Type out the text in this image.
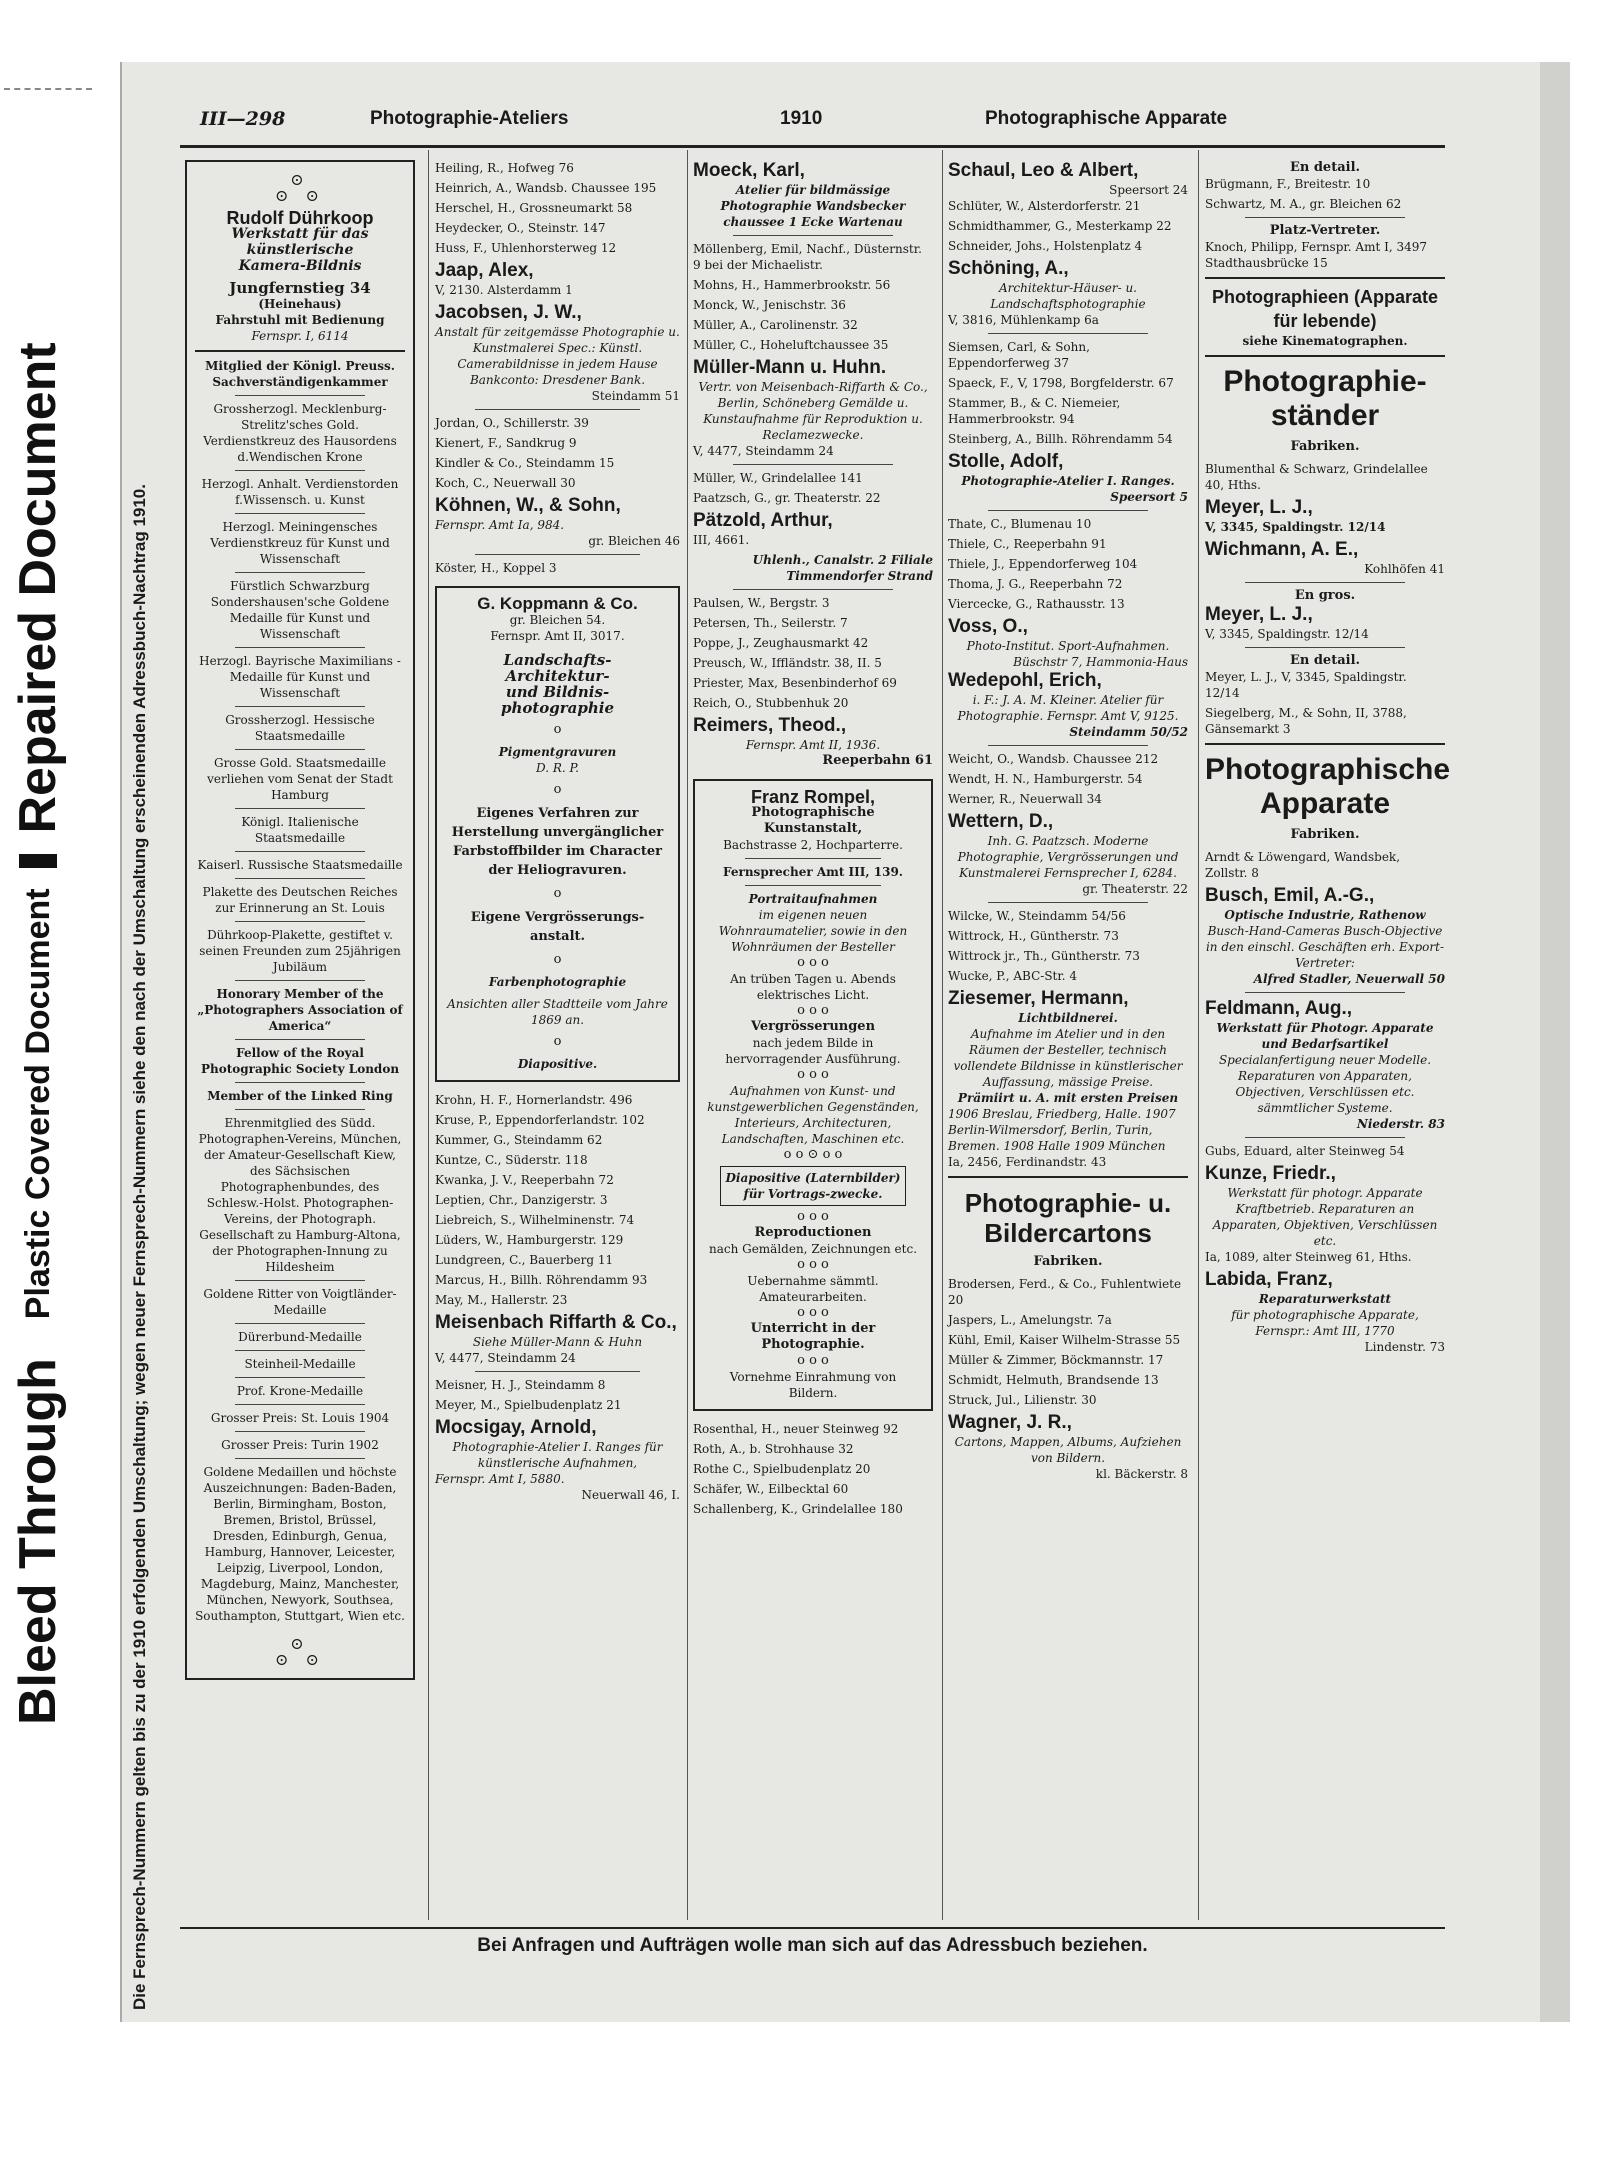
Bleed Through  Plastic Covered Document  Repaired Document
III—298	Photographie-Ateliers	1910	Photographische Apparate
Die Fernsprech-Nummern gelten bis zu der 1910 erfolgenden Umschaltung; wegen neuer Fernsprech-Nummern siehe den nach der Umschaltung erscheinenden Adressbuch-Nachtrag 1910.
⊙
⊙ ⊙
Rudolf Dührkoop
Werkstatt für das
künstlerische
Kamera-Bildnis
Jungfernstieg 34
(Heinehaus)
Fahrstuhl mit Bedienung
Fernspr. I, 6114
Mitglied der Königl. Preuss. Sachverständigenkammer
Grossherzogl. Mecklenburg-Strelitz'sches Gold. Verdienstkreuz des Hausordens d.Wendischen Krone
Herzogl. Anhalt. Verdienstorden f.Wissensch. u. Kunst
Herzogl. Meiningensches Verdienstkreuz für Kunst und Wissenschaft
Fürstlich Schwarzburg Sondershausen'sche Goldene Medaille für Kunst und Wissenschaft
Herzogl. Bayrische Maximilians - Medaille für Kunst und Wissenschaft
Grossherzogl. Hessische Staatsmedaille
Grosse Gold. Staatsmedaille verliehen vom Senat der Stadt Hamburg
Königl. Italienische Staatsmedaille
Kaiserl. Russische Staatsmedaille
Plakette des Deutschen Reiches zur Erinnerung an St. Louis
Dührkoop-Plakette, gestiftet v. seinen Freunden zum 25jährigen Jubiläum
Honorary Member of the „Photographers Association of America“
Fellow of the Royal Photographic Society London
Member of the Linked Ring
Ehrenmitglied des Südd. Photographen-Vereins, München, der Amateur-Gesellschaft Kiew, des Sächsischen Photographenbundes, des Schlesw.-Holst. Photographen-Vereins, der Photograph. Gesellschaft zu Hamburg-Altona, der Photographen-Innung zu Hildesheim
Goldene Ritter von Voigtländer-Medaille
Dürerbund-Medaille
Steinheil-Medaille
Prof. Krone-Medaille
Grosser Preis: St. Louis 1904
Grosser Preis: Turin 1902
Goldene Medaillen und höchste Auszeichnungen: Baden-Baden, Berlin, Birmingham, Boston, Bremen, Bristol, Brüssel, Dresden, Edinburgh, Genua, Hamburg, Hannover, Leicester, Leipzig, Liverpool, London, Magdeburg, Mainz, Manchester, München, Newyork, Southsea, Southampton, Stuttgart, Wien etc.
⊙
⊙ ⊙
Heiling, R., Hofweg 76
Heinrich, A., Wandsb. Chaussee 195
Herschel, H., Grossneumarkt 58
Heydecker, O., Steinstr. 147
Huss, F., Uhlenhorsterweg 12
Jaap, Alex,
V, 2130. Alsterdamm 1
Jacobsen, J. W.,
Anstalt für zeitgemässe Photographie u. Kunstmalerei Spec.: Künstl. Camerabildnisse in jedem Hause Bankconto: Dresdener Bank.
Steindamm 51
Jordan, O., Schillerstr. 39
Kienert, F., Sandkrug 9
Kindler & Co., Steindamm 15
Koch, C., Neuerwall 30
Köhnen, W., & Sohn,
Fernspr. Amt Ia, 984.
gr. Bleichen 46
Köster, H., Koppel 3
G. Koppmann & Co.
gr. Bleichen 54.
Fernspr. Amt II, 3017.
Landschafts-
Architektur-
und Bildnis-
photographie
o
Pigmentgravuren
D. R. P.
o
Eigenes Verfahren zur Herstellung unvergänglicher Farbstoffbilder im Character der Heliogravuren.
o
Eigene Vergrösserungs-anstalt.
o
Farbenphotographie
Ansichten aller Stadtteile vom Jahre 1869 an.
o
Diapositive.
Krohn, H. F., Hornerlandstr. 496
Kruse, P., Eppendorferlandstr. 102
Kummer, G., Steindamm 62
Kuntze, C., Süderstr. 118
Kwanka, J. V., Reeperbahn 72
Leptien, Chr., Danzigerstr. 3
Liebreich, S., Wilhelminenstr. 74
Lüders, W., Hamburgerstr. 129
Lundgreen, C., Bauerberg 11
Marcus, H., Billh. Röhrendamm 93
May, M., Hallerstr. 23
Meisenbach Riffarth & Co.,
Siehe Müller-Mann & Huhn
V, 4477, Steindamm 24
Meisner, H. J., Steindamm 8
Meyer, M., Spielbudenplatz 21
Mocsigay, Arnold,
Photographie-Atelier I. Ranges für künstlerische Aufnahmen,
Fernspr. Amt I, 5880.
Neuerwall 46, I.
Moeck, Karl,
Atelier für bildmässige Photographie Wandsbecker chaussee 1 Ecke Wartenau
Möllenberg, Emil, Nachf., Düsternstr. 9 bei der Michaelistr.
Mohns, H., Hammerbrookstr. 56
Monck, W., Jenischstr. 36
Müller, A., Carolinenstr. 32
Müller, C., Hoheluftchaussee 35
Müller-Mann u. Huhn.
Vertr. von Meisenbach-Riffarth & Co., Berlin, Schöneberg Gemälde u. Kunstaufnahme für Reproduktion u. Reclamezwecke.
V, 4477, Steindamm 24
Müller, W., Grindelallee 141
Paatzsch, G., gr. Theaterstr. 22
Pätzold, Arthur,
III, 4661.
Uhlenh., Canalstr. 2 Filiale Timmendorfer Strand
Paulsen, W., Bergstr. 3
Petersen, Th., Seilerstr. 7
Poppe, J., Zeughausmarkt 42
Preusch, W., Iffländstr. 38, II. 5
Priester, Max, Besenbinderhof 69
Reich, O., Stubbenhuk 20
Reimers, Theod.,
Fernspr. Amt II, 1936.
Reeperbahn 61
Franz Rompel,
Photographische Kunstanstalt,
Bachstrasse 2, Hochparterre.
Fernsprecher Amt III, 139.
Portraitaufnahmen
im eigenen neuen Wohnraumatelier, sowie in den Wohnräumen der Besteller
o o o
An trüben Tagen u. Abends elektrisches Licht.
o o o
Vergrösserungen
nach jedem Bilde in hervorragender Ausführung.
o o o
Aufnahmen von Kunst- und kunstgewerblichen Gegenständen, Interieurs, Architecturen, Landschaften, Maschinen etc.
o o ⊙ o o
Diapositive (Laternbilder) für Vortrags-zwecke.
o o o
Reproductionen
nach Gemälden, Zeichnungen etc.
o o o
Uebernahme sämmtl. Amateurarbeiten.
o o o
Unterricht in der Photographie.
o o o
Vornehme Einrahmung von Bildern.
Rosenthal, H., neuer Steinweg 92
Roth, A., b. Strohhause 32
Rothe C., Spielbudenplatz 20
Schäfer, W., Eilbecktal 60
Schallenberg, K., Grindelallee 180
Schaul, Leo & Albert,
Speersort 24
Schlüter, W., Alsterdorferstr. 21
Schmidthammer, G., Mesterkamp 22
Schneider, Johs., Holstenplatz 4
Schöning, A.,
Architektur-Häuser- u. Landschaftsphotographie
V, 3816, Mühlenkamp 6a
Siemsen, Carl, & Sohn, Eppendorferweg 37
Spaeck, F., V, 1798, Borgfelderstr. 67
Stammer, B., & C. Niemeier, Hammerbrookstr. 94
Steinberg, A., Billh. Röhrendamm 54
Stolle, Adolf,
Photographie-Atelier I. Ranges.
Speersort 5
Thate, C., Blumenau 10
Thiele, C., Reeperbahn 91
Thiele, J., Eppendorferweg 104
Thoma, J. G., Reeperbahn 72
Viercecke, G., Rathausstr. 13
Voss, O.,
Photo-Institut. Sport-Aufnahmen.
Büschstr 7, Hammonia-Haus
Wedepohl, Erich,
i. F.: J. A. M. Kleiner. Atelier für Photographie. Fernspr. Amt V, 9125.
Steindamm 50/52
Weicht, O., Wandsb. Chaussee 212
Wendt, H. N., Hamburgerstr. 54
Werner, R., Neuerwall 34
Wettern, D.,
Inh. G. Paatzsch. Moderne Photographie, Vergrösserungen und Kunstmalerei Fernsprecher I, 6284.
gr. Theaterstr. 22
Wilcke, W., Steindamm 54/56
Wittrock, H., Güntherstr. 73
Wittrock jr., Th., Güntherstr. 73
Wucke, P., ABC-Str. 4
Ziesemer, Hermann,
Lichtbildnerei.
Aufnahme im Atelier und in den Räumen der Besteller, technisch vollendete Bildnisse in künstlerischer Auffassung, mässige Preise.
Prämiirt u. A. mit ersten Preisen
1906 Breslau, Friedberg, Halle. 1907 Berlin-Wilmersdorf, Berlin, Turin, Bremen. 1908 Halle 1909 München
Ia, 2456, Ferdinandstr. 43
Photographie- u. Bildercartons
Fabriken.
Brodersen, Ferd., & Co., Fuhlentwiete 20
Jaspers, L., Amelungstr. 7a
Kühl, Emil, Kaiser Wilhelm-Strasse 55
Müller & Zimmer, Böckmannstr. 17
Schmidt, Helmuth, Brandsende 13
Struck, Jul., Lilienstr. 30
Wagner, J. R.,
Cartons, Mappen, Albums, Aufziehen von Bildern.
kl. Bäckerstr. 8
En detail.
Brügmann, F., Breitestr. 10
Schwartz, M. A., gr. Bleichen 62
Platz-Vertreter.
Knoch, Philipp, Fernspr. Amt I, 3497 Stadthausbrücke 15
Photographieen (Apparate für lebende)
siehe Kinematographen.
Photographie-ständer
Fabriken.
Blumenthal & Schwarz, Grindelallee 40, Hths.
Meyer, L. J.,
V, 3345, Spaldingstr. 12/14
Wichmann, A. E.,
Kohlhöfen 41
En gros.
Meyer, L. J.,
V, 3345, Spaldingstr. 12/14
En detail.
Meyer, L. J., V, 3345, Spaldingstr. 12/14
Siegelberg, M., & Sohn, II, 3788, Gänsemarkt 3
Photographische Apparate
Fabriken.
Arndt & Löwengard, Wandsbek, Zollstr. 8
Busch, Emil, A.-G.,
Optische Industrie, Rathenow
Busch-Hand-Cameras Busch-Objective in den einschl. Geschäften erh. Export-Vertreter:
Alfred Stadler, Neuerwall 50
Feldmann, Aug.,
Werkstatt für Photogr. Apparate und Bedarfsartikel
Specialanfertigung neuer Modelle. Reparaturen von Apparaten, Objectiven, Verschlüssen etc. sämmtlicher Systeme.
Niederstr. 83
Gubs, Eduard, alter Steinweg 54
Kunze, Friedr.,
Werkstatt für photogr. Apparate Kraftbetrieb. Reparaturen an Apparaten, Objektiven, Verschlüssen etc.
Ia, 1089, alter Steinweg 61, Hths.
Labida, Franz,
Reparaturwerkstatt
für photographische Apparate, Fernspr.: Amt III, 1770
Lindenstr. 73
Bei Anfragen und Aufträgen wolle man sich auf das Adressbuch beziehen.
